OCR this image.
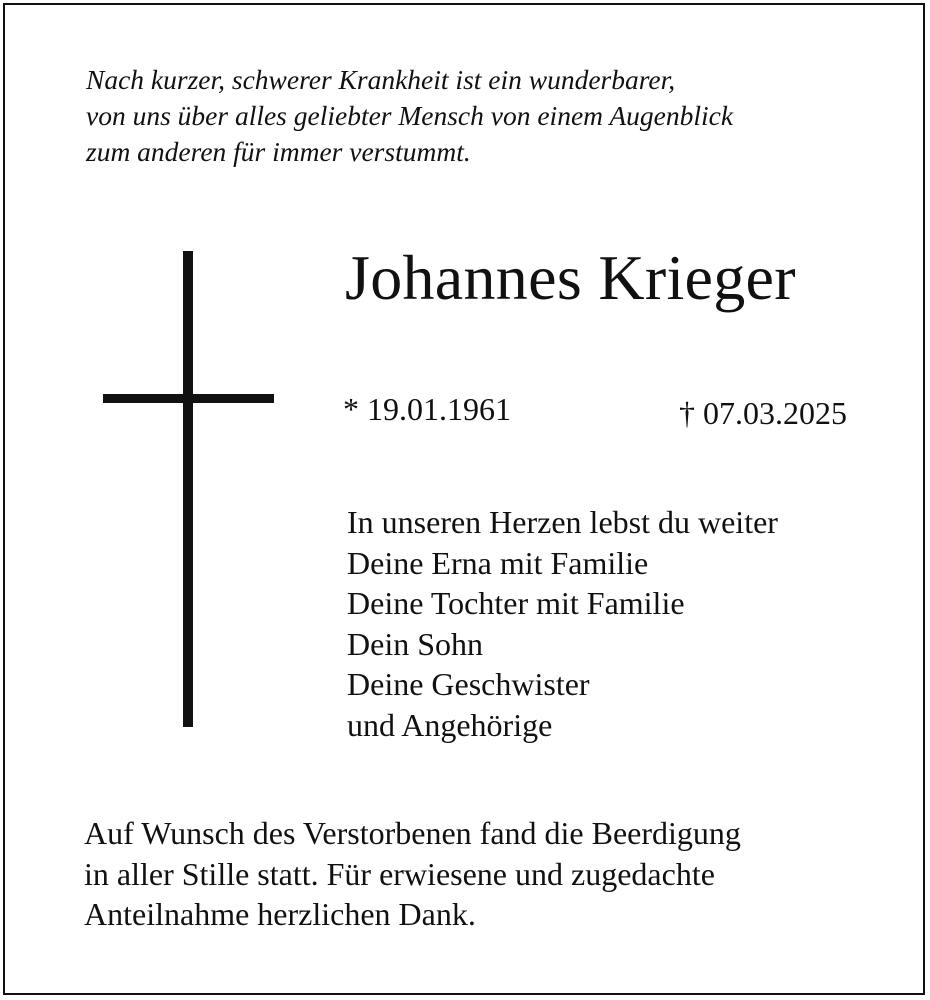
Nach kurzer, schwerer Krankheit ist ein wunderbarer,
von uns über alles geliebter Mensch von einem Augenblick
zum anderen für immer verstummt.
Johannes Krieger
* 19.01.1961	† 07.03.2025
In unseren Herzen lebst du weiter
Deine Erna mit Familie
Deine Tochter mit Familie
Dein Sohn
Deine Geschwister
und Angehörige
Auf Wunsch des Verstorbenen fand die Beerdigung
in aller Stille statt. Für erwiesene und zugedachte
Anteilnahme herzlichen Dank.
